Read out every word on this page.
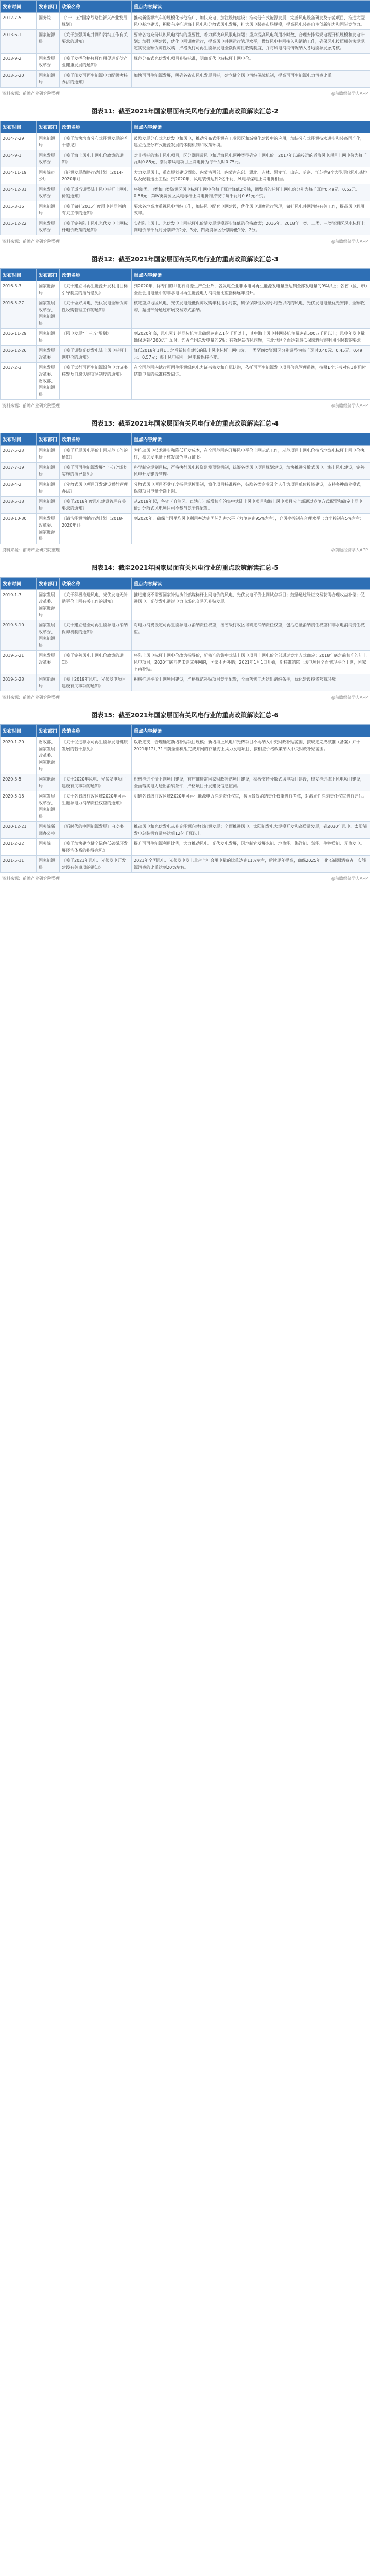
发布时间	发布部门	政策名称	重点内容解读
2012-7-5	国务院	《"十二五"国家战略性新兴产业发展规划》	推动新能源汽车的规模化示范推广，加快充电、加注设施建设；推动分布式能源发展，完善风电设备研发及示范项目，推进大型风电基地建设，积极有序推进海上风电和分散式风电发展，扩大风电装备市场规模，提高风电装备自主创新能力和国际竞争力。
2013-6-1	国家能源局	《关于加强风电并网和消纳工作有关要求的通知》	要求各地充分认识风电消纳的重要性，着力解决弃风限电问题；重点提高风电利用小时数，合理安排常规电源开机规模和发电计划；加强电网建设，优化电网调度运行，提高风电并网运行管理水平，做好风电并网接入和消纳工作，确保风电按照相关法规规定实现全额保障性收购，严格执行可再生能源发电全额保障性收购制度，并将风电消纳情况纳入各地能源发展考核。
2013-9-2	国家发展改革委	《关于发挥价格杠杆作用促进光伏产业健康发展的通知》	规范分布式光伏发电项目补贴标准，明确光伏电站标杆上网电价。
2013-5-20	国家能源局	《关于印发可再生能源电力配额考核办法的通知》	加快可再生能源发展，明确各省市风电发展目标，建立健全风电消纳保障机制，提高可再生能源电力消费比重。
资料来源：前瞻产业研究院整理	@前瞻经济学人APP
图表11：截至2021年国家层面有关风电行业的重点政策解读汇总-2
发布时间	发布部门	政策名称	重点内容解读
2014-7-29	国家能源局	《关于加快培育分布式能源发展的若干意见》	鼓励发展分布式光伏发电和风电，推动分布式能源在工业园区和城镇化建设中的应用，加快分布式能源技术进步和装备国产化，建立适应分布式能源发展的体制机制和政策环境。
2014-9-1	国家发展改革委	《关于海上风电上网电价政策的通知》	对非招标的海上风电项目，区分潮间带风电和近海风电两种类型确定上网电价。2017年以前投运的近海风电项目上网电价为每千瓦时0.85元，潮间带风电项目上网电价为每千瓦时0.75元。
2014-11-19	国务院办公厅	《能源发展战略行动计划（2014-2020年）》	大力发展风电，重点规划建设酒泉、内蒙古西部、内蒙古东部、冀北、吉林、黑龙江、山东、哈密、江苏等9个大型现代风电基地以及配套送出工程；到2020年，风电装机达到2亿千瓦，风电与煤电上网电价相当。
2014-12-31	国家发展改革委	《关于适当调整陆上风电标杆上网电价的通知》	将第I类、II类和III类资源区风电标杆上网电价每千瓦时降低2分钱，调整后的标杆上网电价分别为每千瓦时0.49元、0.52元、0.56元；第IV类资源区风电标杆上网电价维持现行每千瓦时0.61元不变。
2015-3-16	国家能源局	《关于做好2015年度风电并网消纳有关工作的通知》	要求各地高度重视风电消纳工作，加快风电配套电网建设，优化风电调度运行管理，做好风电并网消纳有关工作，提高风电利用效率。
2015-12-22	国家发展改革委	《关于完善陆上风电光伏发电上网标杆电价政策的通知》	实行陆上风电、光伏发电上网标杆电价随发展规模逐步降低的价格政策；2016年、2018年一类、二类、三类资源区风电标杆上网电价每千瓦时分别降低2分、3分，四类资源区分别降低1分、2分。
资料来源：前瞻产业研究院整理	@前瞻经济学人APP
图表12：截至2021年国家层面有关风电行业的重点政策解读汇总-3
发布时间	发布部门	政策名称	重点内容解读
2016-3-3	国家能源局	《关于建立可再生能源开发利用目标引导制度的指导意见》	到2020年，除专门的非化石能源生产企业外，各发电企业非水电可再生能源发电量应达到全部发电量的9%以上；各省（区、市）全社会用电量中的非水电可再生能源电力消纳量比重指标逐年提升。
2016-5-27	国家发展改革委、国家能源局	《关于做好风电、光伏发电全额保障性收购管理工作的通知》	核定重点地区风电、光伏发电最低保障收购年利用小时数，确保保障性收购小时数以内的风电、光伏发电电量优先安排、全额收购，超出部分通过市场交易方式消纳。
2016-11-29	国家能源局	《风电发展"十三五"规划》	到2020年底，风电累计并网装机容量确保达到2.1亿千瓦以上，其中海上风电并网装机容量达到500万千瓦以上；风电年发电量确保达到4200亿千瓦时，约占全国总发电量的6%；有效解决弃风问题，三北地区全面达到最低保障性收购利用小时数的要求。
2016-12-26	国家发展改革委	《关于调整光伏发电陆上风电标杆上网电价的通知》	降低2018年1月1日之后新核准建设的陆上风电标杆上网电价，一类至四类资源区分别调整为每千瓦时0.40元、0.45元、0.49元、0.57元；海上风电标杆上网电价保持不变。
2017-2-3	国家发展改革委、财政部、国家能源局	《关于试行可再生能源绿色电力证书核发及自愿认购交易制度的通知》	在全国范围内试行可再生能源绿色电力证书核发和自愿认购，依托可再生能源发电项目信息管理系统，按照1个证书对应1兆瓦时结算电量的标准核发绿证。
资料来源：前瞻产业研究院整理	@前瞻经济学人APP
图表13：截至2021年国家层面有关风电行业的重点政策解读汇总-4
发布时间	发布部门	政策名称	重点内容解读
2017-5-23	国家能源局	《关于开展风电平价上网示范工作的通知》	为推动风电技术进步和降低开发成本，在全国范围内开展风电平价上网示范工作，示范项目上网电价按当地煤电标杆上网电价执行，相关发电量不核发绿色电力证书。
2017-7-19	国家能源局	《关于可再生能源发展"十三五"规划实施的指导意见》	科学制定规划目标，严格执行风电投资监测预警机制，统筹各类风电项目规划建设，加快推进分散式风电、海上风电建设，完善风电开发建设管理。
2018-4-2	国家能源局	《分散式风电项目开发建设暂行管理办法》	分散式风电项目不受年度指导规模限制，简化项目核准程序，鼓励各类企业及个人作为项目单位投资建设，支持多种商业模式，保障项目电量全额上网。
2018-5-18	国家能源局	《关于2018年度风电建设管理有关要求的通知》	从2019年起，各省（自治区、直辖市）新增核准的集中式陆上风电项目和海上风电项目应全部通过竞争方式配置和确定上网电价；分散式风电项目可不参与竞争性配置。
2018-10-30	国家发展改革委、国家能源局	《清洁能源消纳行动计划（2018-2020年）》	到2020年，确保全国平均风电利用率达到国际先进水平（力争达到95%左右），弃风率控制在合理水平（力争控制在5%左右）。
资料来源：前瞻产业研究院整理	@前瞻经济学人APP
图表14：截至2021年国家层面有关风电行业的重点政策解读汇总-5
发布时间	发布部门	政策名称	重点内容解读
2019-1-7	国家发展改革委、国家能源局	《关于积极推进风电、光伏发电无补贴平价上网有关工作的通知》	推进建设不需要国家补贴执行燃煤标杆上网电价的风电、光伏发电平价上网试点项目；鼓励通过绿证交易获得合理收益补偿；促进风电、光伏发电通过电力市场化交易无补贴发展。
2019-5-10	国家发展改革委、国家能源局	《关于建立健全可再生能源电力消纳保障机制的通知》	对电力消费设定可再生能源电力消纳责任权重，按省级行政区域确定消纳责任权重，包括总量消纳责任权重和非水电消纳责任权重。
2019-5-21	国家发展改革委	《关于完善风电上网电价政策的通知》	将陆上风电标杆上网电价改为指导价，新核准的集中式陆上风电项目上网电价全部通过竞争方式确定；2018年底之前核准的陆上风电项目，2020年底前仍未完成并网的，国家不再补贴；2021年1月1日开始，新核准的陆上风电项目全面实现平价上网，国家不再补贴。
2019-5-28	国家能源局	《关于2019年风电、光伏发电项目建设有关事项的通知》	积极推进平价上网项目建设，严格规范补贴项目竞争配置，全面落实电力送出消纳条件，优化建设投资营商环境。
资料来源：前瞻产业研究院整理	@前瞻经济学人APP
图表15：截至2021年国家层面有关风电行业的重点政策解读汇总-6
发布时间	发布部门	政策名称	重点内容解读
2020-1-20	财政部、国家发展改革委、国家能源局	《关于促进非水可再生能源发电健康发展的若干意见》	以收定支，合理确定新增补贴项目规模；新增海上风电和光热项目不再纳入中央财政补贴范围，按规定完成核准（备案）并于2021年12月31日前全部机组完成并网的存量海上风力发电项目，按相应价格政策纳入中央财政补贴范围。
2020-3-5	国家能源局	《关于2020年风电、光伏发电项目建设有关事项的通知》	积极推进平价上网项目建设，有序推进需国家财政补贴项目建设，积极支持分散式风电项目建设，稳妥推进海上风电项目建设，全面落实电力送出消纳条件，严格项目开发建设信息监测。
2020-5-18	国家发展改革委、国家能源局	《关于各省级行政区域2020年可再生能源电力消纳责任权重的通知》	明确各省级行政区域2020年可再生能源电力消纳责任权重，按照最低消纳责任权重进行考核，对激励性消纳责任权重进行评估。
2020-12-21	国务院新闻办公室	《新时代的中国能源发展》白皮书	推动风电和光伏发电从补充能源向替代能源发展；全面推进风电、太阳能发电大规模开发和高质量发展，到2030年风电、太阳能发电总装机容量将达到12亿千瓦以上。
2021-2-22	国务院	《关于加快建立健全绿色低碳循环发展经济体系的指导意见》	提升可再生能源利用比例，大力推动风电、光伏发电发展，因地制宜发展水能、地热能、海洋能、氢能、生物质能、光热发电。
2021-5-11	国家能源局	《关于2021年风电、光伏发电开发建设有关事项的通知》	2021年全国风电、光伏发电发电量占全社会用电量的比重达到11%左右，后续逐年提高，确保2025年非化石能源消费占一次能源消费的比重达到20%左右。
资料来源：前瞻产业研究院整理	@前瞻经济学人APP
